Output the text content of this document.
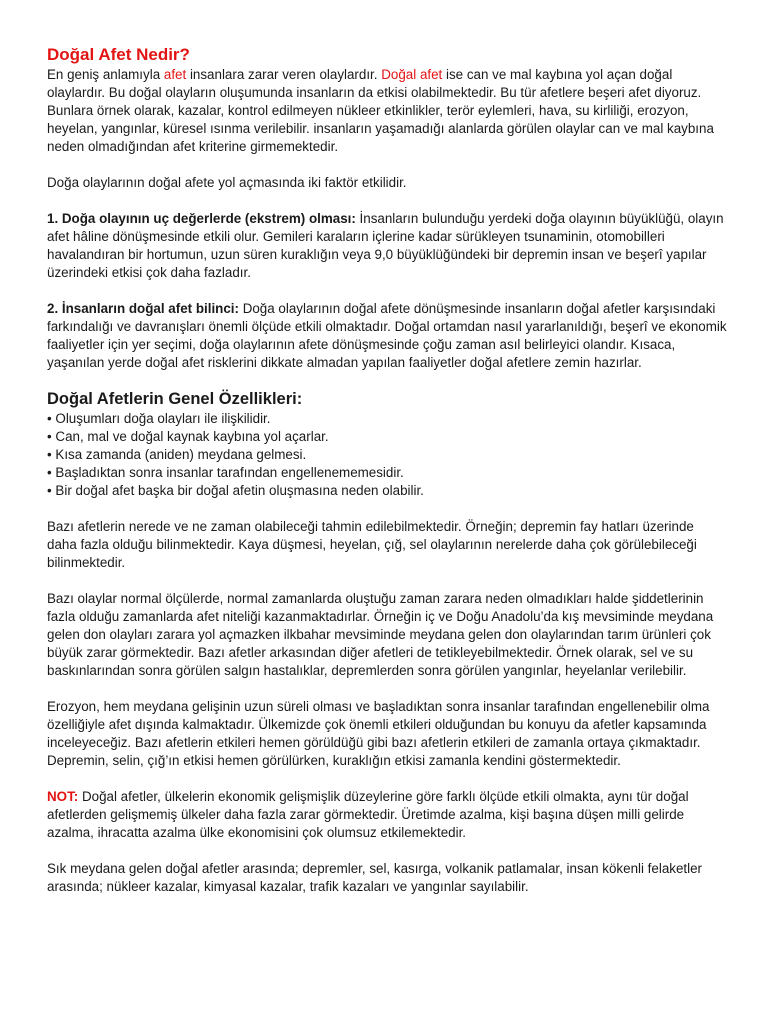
Doğal Afet Nedir?

En geniş anlamıyla afet insanlara zarar veren olaylardır. Doğal afet ise can ve mal kaybına yol açan doğal olaylardır. Bu doğal olayların oluşumunda insanların da etkisi olabilmektedir. Bu tür afetlere beşeri afet diyoruz. Bunlara örnek olarak, kazalar, kontrol edilmeyen nükleer etkinlikler, terör eylemleri, hava, su kirliliği, erozyon, heyelan, yangınlar, küresel ısınma verilebilir. insanların yaşamadığı alanlarda görülen olaylar can ve mal kaybına neden olmadığından afet kriterine girmemektedir.

Doğa olaylarının doğal afete yol açmasında iki faktör etkilidir.

1. Doğa olayının uç değerlerde (ekstrem) olması: İnsanların bulunduğu yerdeki doğa olayının büyüklüğü, olayın afet hâline dönüşmesinde etkili olur. Gemileri karaların içlerine kadar sürükleyen tsunaminin, otomobilleri havalandıran bir hortumun, uzun süren kuraklığın veya 9,0 büyüklüğündeki bir depremin insan ve beşerî yapılar üzerindeki etkisi çok daha fazladır.

2. İnsanların doğal afet bilinci: Doğa olaylarının doğal afete dönüşmesinde insanların doğal afetler karşısındaki farkındalığı ve davranışları önemli ölçüde etkili olmaktadır. Doğal ortamdan nasıl yararlanıldığı, beşerî ve ekonomik faaliyetler için yer seçimi, doğa olaylarının afete dönüşmesinde çoğu zaman asıl belirleyici olandır. Kısaca, yaşanılan yerde doğal afet risklerini dikkate almadan yapılan faaliyetler doğal afetlere zemin hazırlar.

Doğal Afetlerin Genel Özellikleri:
• Oluşumları doğa olayları ile ilişkilidir.
• Can, mal ve doğal kaynak kaybına yol açarlar.
• Kısa zamanda (aniden) meydana gelmesi.
• Başladıktan sonra insanlar tarafından engellenememesidir.
• Bir doğal afet başka bir doğal afetin oluşmasına neden olabilir.

Bazı afetlerin nerede ve ne zaman olabileceği tahmin edilebilmektedir. Örneğin; depremin fay hatları üzerinde daha fazla olduğu bilinmektedir. Kaya düşmesi, heyelan, çığ, sel olaylarının nerelerde daha çok görülebileceği bilinmektedir.

Bazı olaylar normal ölçülerde, normal zamanlarda oluştuğu zaman zarara neden olmadıkları halde şiddetlerinin fazla olduğu zamanlarda afet niteliği kazanmaktadırlar. Örneğin iç ve Doğu Anadolu’da kış mevsiminde meydana gelen don olayları zarara yol açmazken ilkbahar mevsiminde meydana gelen don olaylarından tarım ürünleri çok büyük zarar görmektedir. Bazı afetler arkasından diğer afetleri de tetikleyebilmektedir. Örnek olarak, sel ve su baskınlarından sonra görülen salgın hastalıklar, depremlerden sonra görülen yangınlar, heyelanlar verilebilir.

Erozyon, hem meydana gelişinin uzun süreli olması ve başladıktan sonra insanlar tarafından engellenebilir olma özelliğiyle afet dışında kalmaktadır. Ülkemizde çok önemli etkileri olduğundan bu konuyu da afetler kapsamında inceleyeceğiz. Bazı afetlerin etkileri hemen görüldüğü gibi bazı afetlerin etkileri de zamanla ortaya çıkmaktadır. Depremin, selin, çığ’ın etkisi hemen görülürken, kuraklığın etkisi zamanla kendini göstermektedir.

NOT: Doğal afetler, ülkelerin ekonomik gelişmişlik düzeylerine göre farklı ölçüde etkili olmakta, aynı tür doğal afetlerden gelişmemiş ülkeler daha fazla zarar görmektedir. Üretimde azalma, kişi başına düşen milli gelirde azalma, ihracatta azalma ülke ekonomisini çok olumsuz etkilemektedir.

Sık meydana gelen doğal afetler arasında; depremler, sel, kasırga, volkanik patlamalar, insan kökenli felaketler arasında; nükleer kazalar, kimyasal kazalar, trafik kazaları ve yangınlar sayılabilir.
